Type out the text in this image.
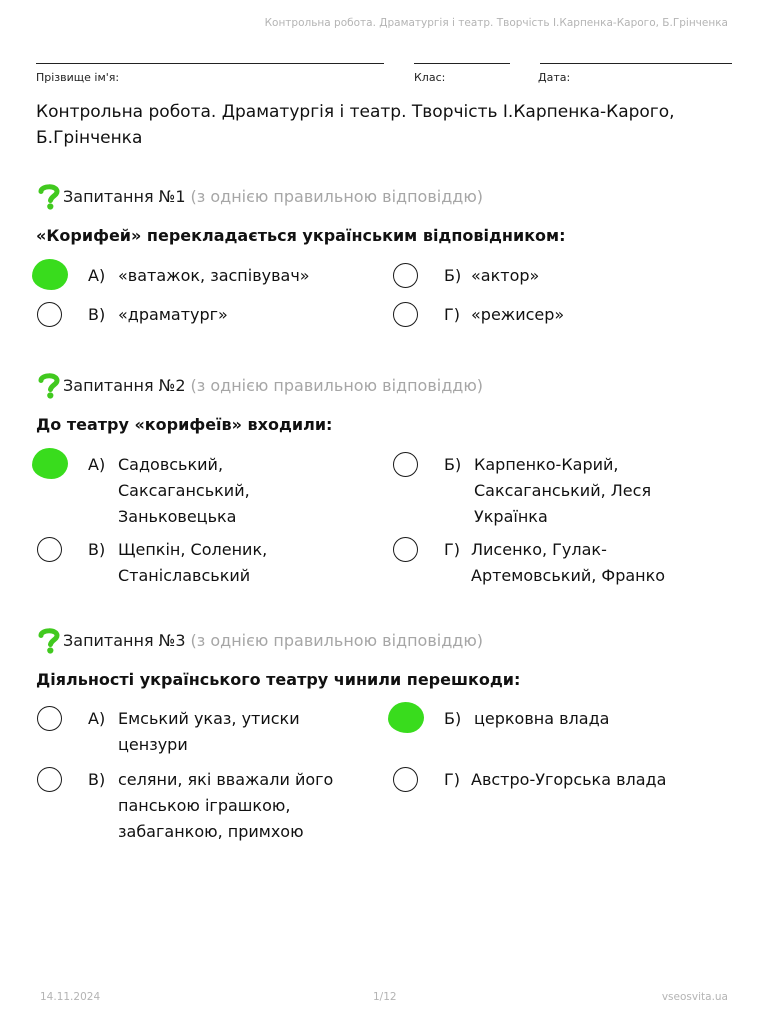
Контрольна робота. Драматургія і театр. Творчість І.Карпенка-Карого, Б.Грінченка
Прізвище ім'я:	Клас:	Дата:
Контрольна робота. Драматургія і театр. Творчість І.Карпенка-Карого, Б.Грінченка
Запитання №1 (з однією правильною відповіддю)

«Корифей» перекладається українським відповідником:

A) «ватажок, заспівувач»	Б) «актор»
B) «драматург»	Г) «режисер»
Запитання №2 (з однією правильною відповіддю)

До театру «корифеїв» входили:

A) Садовський, Саксаганський, Заньковецька
Б) Карпенко-Карий, Саксаганський, Леся Українка
B) Щепкін, Соленик, Станіславський
Г) Лисенко, Гулак-Артемовський, Франко
Запитання №3 (з однією правильною відповіддю)

Діяльності українського театру чинили перешкоди:

A) Емський указ, утиски цензури
Б) церковна влада
B) селяни, які вважали його панською іграшкою, забаганкою, примхою
Г) Австро-Угорська влада
14.11.2024	1/12	vseosvita.ua
